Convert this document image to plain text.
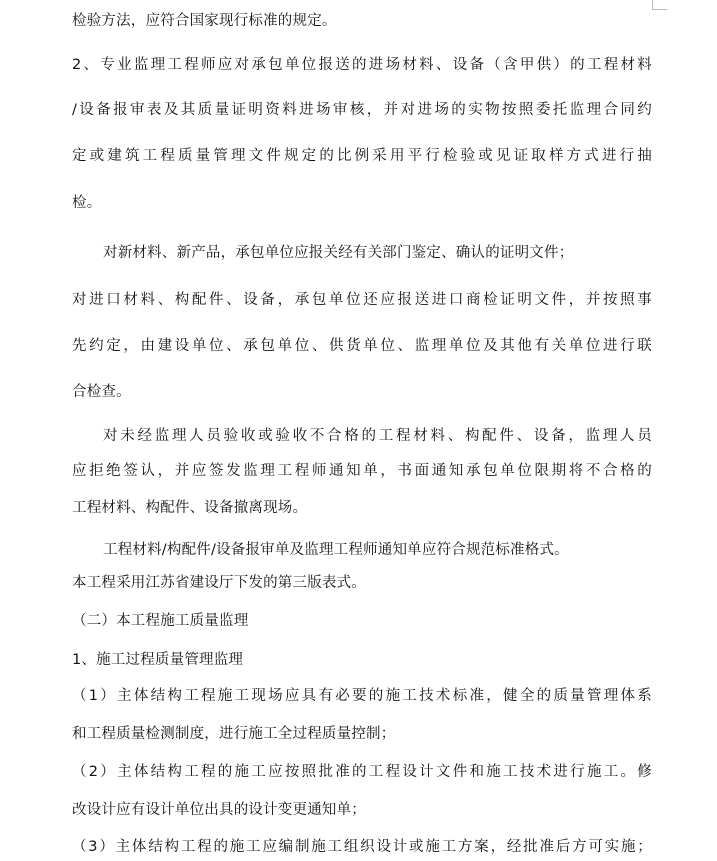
检验方法，应符合国家现行标准的规定。
2、专业监理工程师应对承包单位报送的进场材料、设备（含甲供）的工程材料
/设备报审表及其质量证明资料进场审核，并对进场的实物按照委托监理合同约
定或建筑工程质量管理文件规定的比例采用平行检验或见证取样方式进行抽
检。
对新材料、新产品，承包单位应报关经有关部门鉴定、确认的证明文件；
对进口材料、构配件、设备，承包单位还应报送进口商检证明文件，并按照事
先约定，由建设单位、承包单位、供货单位、监理单位及其他有关单位进行联
合检查。
对未经监理人员验收或验收不合格的工程材料、构配件、设备，监理人员
应拒绝签认，并应签发监理工程师通知单，书面通知承包单位限期将不合格的
工程材料、构配件、设备撤离现场。
工程材料/构配件/设备报审单及监理工程师通知单应符合规范标准格式。
本工程采用江苏省建设厅下发的第三版表式。
（二）本工程施工质量监理
1、施工过程质量管理监理
（1）主体结构工程施工现场应具有必要的施工技术标准，健全的质量管理体系
和工程质量检测制度，进行施工全过程质量控制；
（2）主体结构工程的施工应按照批准的工程设计文件和施工技术进行施工。修
改设计应有设计单位出具的设计变更通知单；
（3）主体结构工程的施工应编制施工组织设计或施工方案，经批准后方可实施；
